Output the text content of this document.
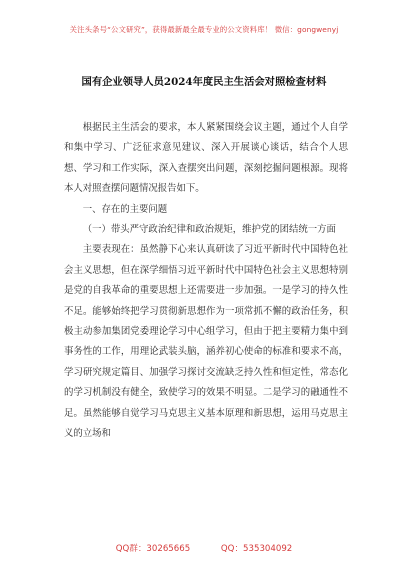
关注头条号“公文研究”，获得最新最全最专业的公文资料库！ 微信：gongwenyj
国有企业领导人员2024年度民主生活会对照检查材料

根据民主生活会的要求，本人紧紧围绕会议主题，通过个人自学和集中学习、广泛征求意见建议、深入开展谈心谈话，结合个人思想、学习和工作实际，深入查摆突出问题，深刻挖掘问题根源。现将本人对照查摆问题情况报告如下。

一、存在的主要问题

（一）带头严守政治纪律和政治规矩，维护党的团结统一方面

主要表现在：虽然静下心来认真研读了习近平新时代中国特色社会主义思想，但在深学细悟习近平新时代中国特色社会主义思想特别是党的自我革命的重要思想上还需要进一步加强。一是学习的持久性不足。能够始终把学习贯彻新思想作为一项常抓不懈的政治任务，积极主动参加集团党委理论学习中心组学习，但由于把主要精力集中到事务性的工作，用理论武装头脑，涵养初心使命的标准和要求不高，学习研究规定篇目、加强学习探讨交流缺乏持久性和恒定性，常态化的学习机制没有健全，致使学习的效果不明显。二是学习的融通性不足。虽然能够自觉学习马克思主义基本原理和新思想，运用马克思主义的立场和

QQ群：30265665	QQ：535304092
